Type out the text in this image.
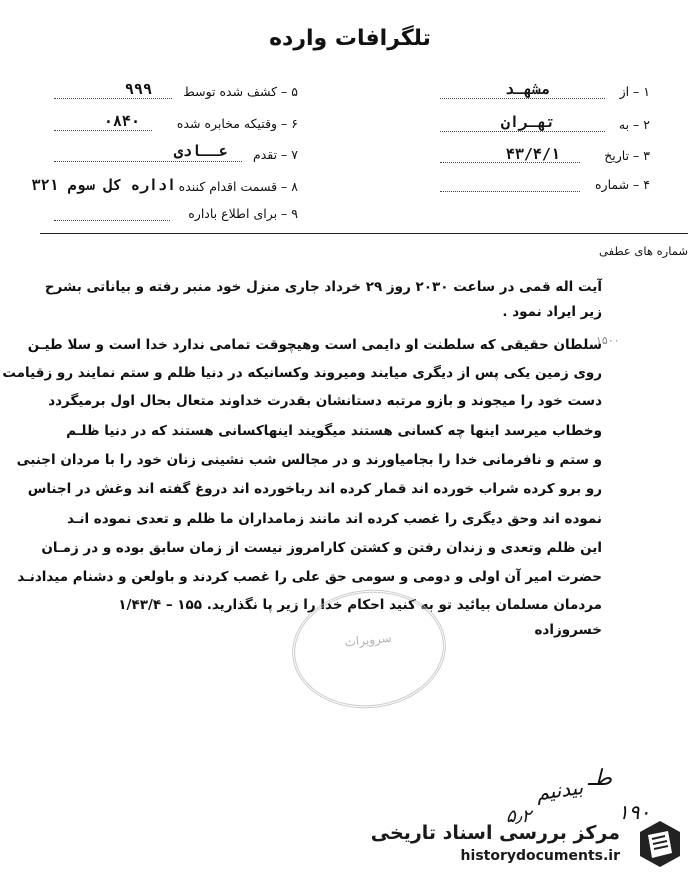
تلگرافات وارده
۱ – از
مشهـد
۲ – به
تهـران
۳ – تاریخ
۴۳/۴/۱
۴ – شماره
۵ – کشف شده توسط
۹۹۹
۶ – وقتیکه مخابره شده
۰۸۴۰
۷ – تقدم
عــادی
۸ – قسمت اقدام کننده
اداره کل سوم ۳۲۱
۹ – برای اطلاع باداره
شماره های عطفی
آیت اله قمی در ساعت ۲۰۳۰ روز ۲۹ خرداد جاری منزل خود منبر رفته و بیاناتی بشرح
زیر ایراد نمود .
سلطان حقیقی که سلطنت او دایمی است وهیچوقت تمامی ندارد خدا است و سلا طیـن
روی زمین یکی پس از دیگری میایند ومیروند وکسانیکه در دنیا ظلم و ستم نمایند رو زقیامت
دست خود را میجوند و بازو مرتبه دستانشان بقدرت خداوند متعال بحال اول برمیگردد
وخطاب میرسد اینها چه کسانی هستند میگویند اینهاکسانی هستند که در دنیا ظلـم
و ستم و نافرمانی خدا را بجامیاورند و در مجالس شب نشینی زنان خود را با مردان اجنبی
رو برو کرده شراب خورده اند قمار کرده اند رباخورده اند دروغ گفته اند وغش در اجناس
نموده اند وحق دیگری را غصب کرده اند مانند زمامداران ما ظلم و تعدی نموده انـد
این ظلم وتعدی و زندان رفتن و کشتن کارامروز نیست از زمان سابق بوده و در زمـان
حضرت امیر آن اولی و دومی و سومی حق علی را غصب کردند و باولعن و دشنام میدادنـد
مردمان مسلمان بیائید تو به کنید احکام خدا را زیر پا نگذارید. ۱۵۵ – ۱/۴۳/۴
خسروزاده
۱۵۰۰
سرویراث
طـ
بیدنیم
۱۹۰
۵٫۲
مرکز بررسی اسناد تاریخی
historydocuments.ir
